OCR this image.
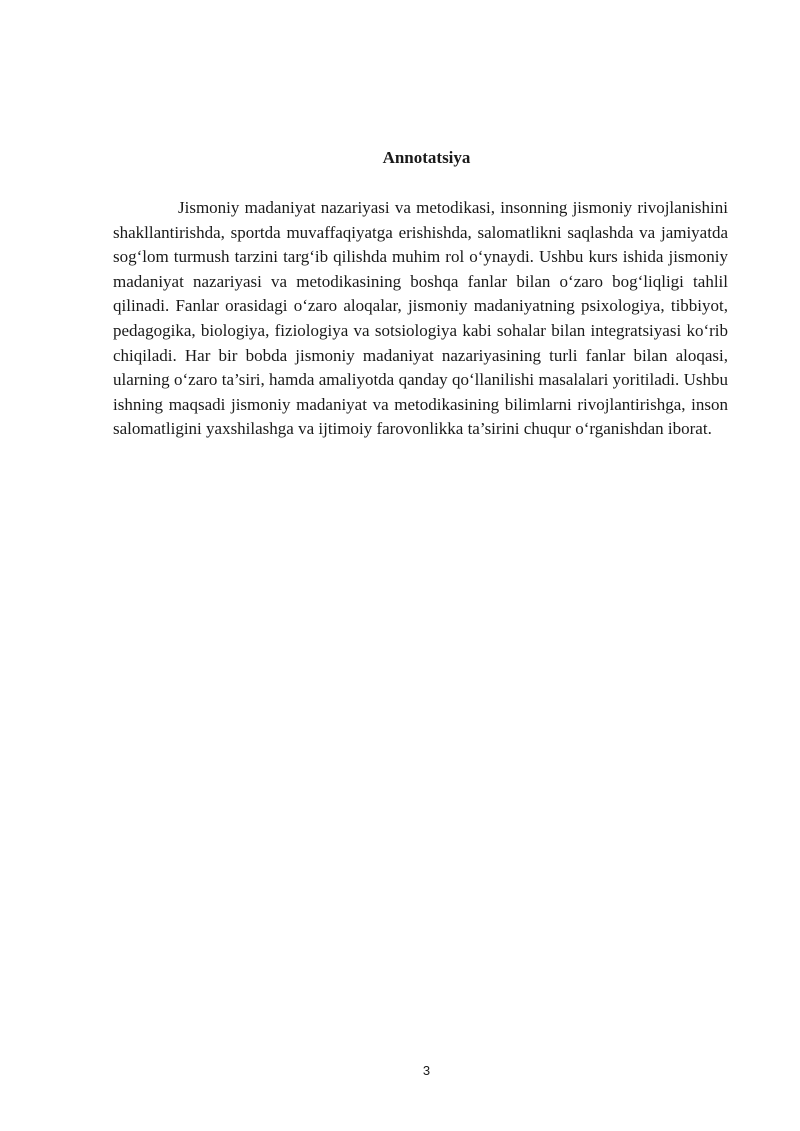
Annotatsiya

Jismoniy madaniyat nazariyasi va metodikasi, insonning jismoniy rivojlanishini shakllantirishda, sportda muvaffaqiyatga erishishda, salomatlikni saqlashda va jamiyatda sog‘lom turmush tarzini targ‘ib qilishda muhim rol o‘ynaydi. Ushbu kurs ishida jismoniy madaniyat nazariyasi va metodikasining boshqa fanlar bilan o‘zaro bog‘liqligi tahlil qilinadi. Fanlar orasidagi o‘zaro aloqalar, jismoniy madaniyatning psixologiya, tibbiyot, pedagogika, biologiya, fiziologiya va sotsiologiya kabi sohalar bilan integratsiyasi ko‘rib chiqiladi. Har bir bobda jismoniy madaniyat nazariyasining turli fanlar bilan aloqasi, ularning o‘zaro ta’siri, hamda amaliyotda qanday qo‘llanilishi masalalari yoritiladi. Ushbu ishning maqsadi jismoniy madaniyat va metodikasining bilimlarni rivojlantirishga, inson salomatligini yaxshilashga va ijtimoiy farovonlikka ta’sirini chuqur o‘rganishdan iborat.

3
